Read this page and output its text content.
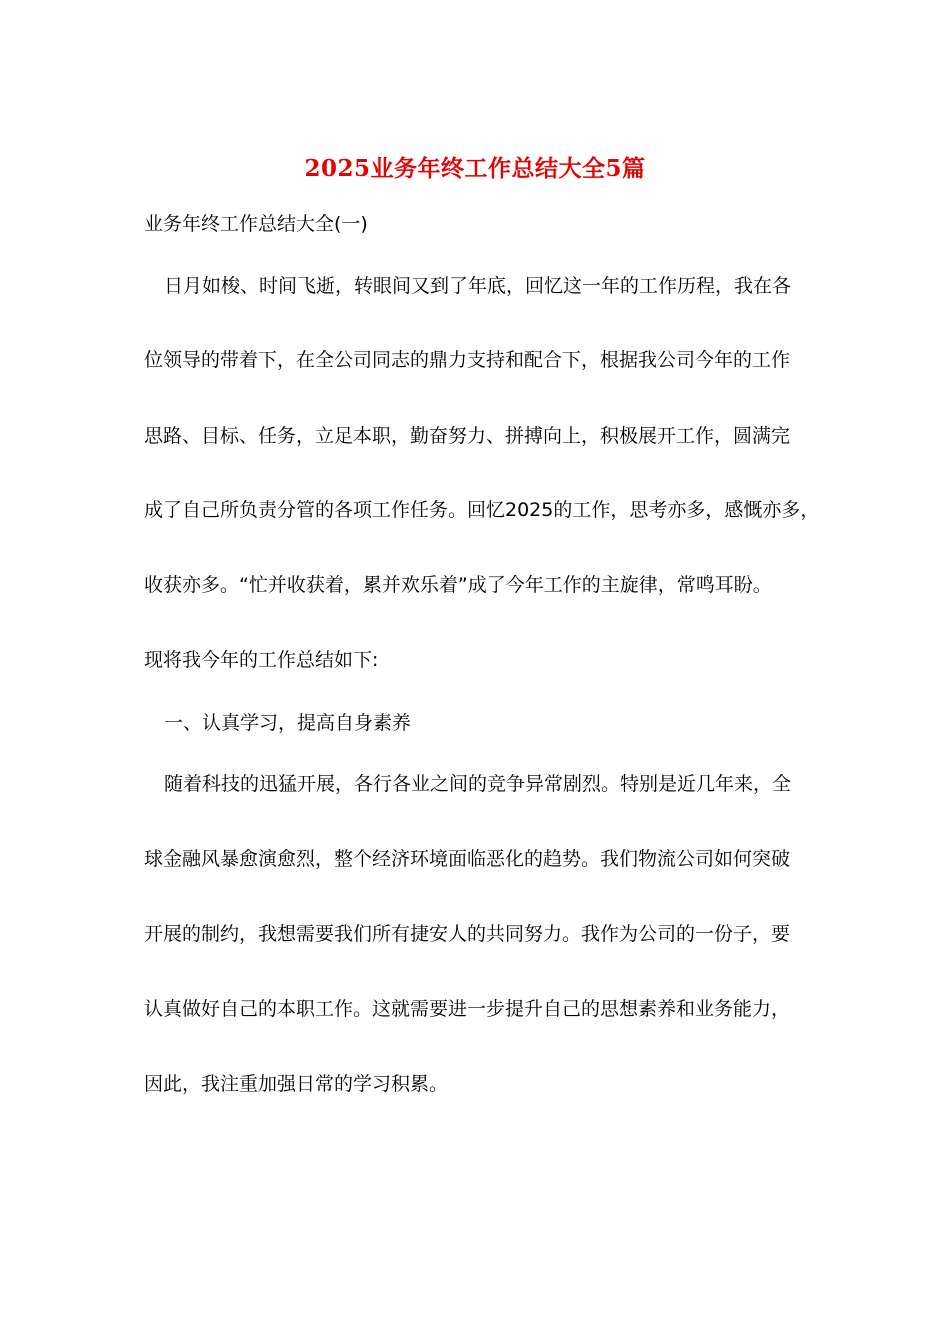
2025业务年终工作总结大全5篇
业务年终工作总结大全(一)
日月如梭、时间飞逝，转眼间又到了年底，回忆这一年的工作历程，我在各
位领导的带着下，在全公司同志的鼎力支持和配合下，根据我公司今年的工作
思路、目标、任务，立足本职，勤奋努力、拼搏向上，积极展开工作，圆满完
成了自己所负责分管的各项工作任务。回忆2025的工作，思考亦多，感慨亦多，
收获亦多。“忙并收获着，累并欢乐着”成了今年工作的主旋律，常鸣耳盼。
现将我今年的工作总结如下:
一、认真学习，提高自身素养
随着科技的迅猛开展，各行各业之间的竞争异常剧烈。特别是近几年来，全
球金融风暴愈演愈烈，整个经济环境面临恶化的趋势。我们物流公司如何突破
开展的制约，我想需要我们所有捷安人的共同努力。我作为公司的一份子，要
认真做好自己的本职工作。这就需要进一步提升自己的思想素养和业务能力，
因此，我注重加强日常的学习积累。
